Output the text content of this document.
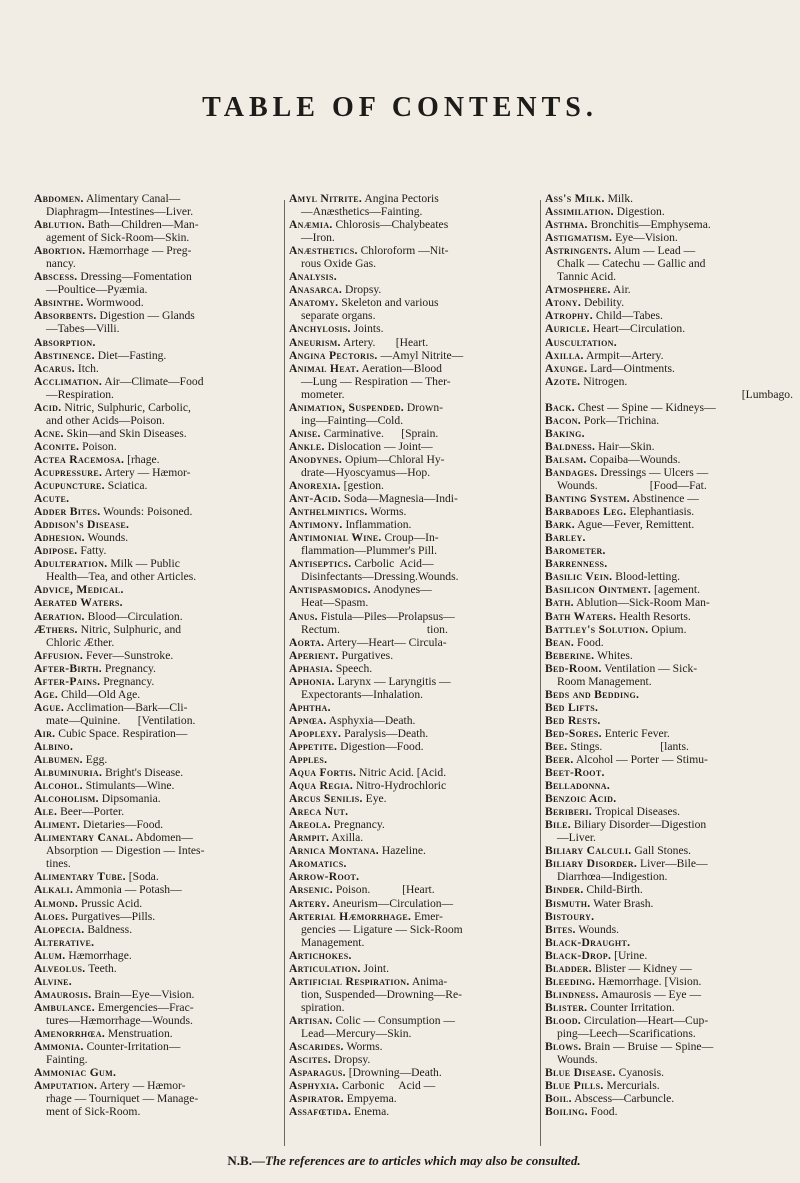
TABLE OF CONTENTS.
Abdomen. Alimentary Canal—
Diaphragm—Intestines—Liver.
Ablution. Bath—Children—Man-
agement of Sick-Room—Skin.
Abortion. Hæmorrhage — Preg-
nancy.
Abscess. Dressing—Fomentation
—Poultice—Pyæmia.
Absinthe. Wormwood.
Absorbents. Digestion — Glands
—Tabes—Villi.
Absorption.
Abstinence. Diet—Fasting.
Acarus. Itch.
Acclimation. Air—Climate—Food
—Respiration.
Acid. Nitric, Sulphuric, Carbolic,
and other Acids—Poison.
Acne. Skin—and Skin Diseases.
Aconite. Poison.
Actea Racemosa. [rhage.
Acupressure. Artery — Hæmor-
Acupuncture. Sciatica.
Acute.
Adder Bites. Wounds: Poisoned.
Addison's Disease.
Adhesion. Wounds.
Adipose. Fatty.
Adulteration. Milk — Public
Health—Tea, and other Articles.
Advice, Medical.
Aerated Waters.
Aeration. Blood—Circulation.
Æthers. Nitric, Sulphuric, and
Chloric Æther.
Affusion. Fever—Sunstroke.
After-Birth. Pregnancy.
After-Pains. Pregnancy.
Age. Child—Old Age.
Ague. Acclimation—Bark—Cli-
mate—Quinine.      [Ventilation.
Air. Cubic Space. Respiration—
Albino.
Albumen. Egg.
Albuminuria. Bright's Disease.
Alcohol. Stimulants—Wine.
Alcoholism. Dipsomania.
Ale. Beer—Porter.
Aliment. Dietaries—Food.
Alimentary Canal. Abdomen—
Absorption — Digestion — Intes-
tines.
Alimentary Tube. [Soda.
Alkali. Ammonia — Potash—
Almond. Prussic Acid.
Aloes. Purgatives—Pills.
Alopecia. Baldness.
Alterative.
Alum. Hæmorrhage.
Alveolus. Teeth.
Alvine.
Amaurosis. Brain—Eye—Vision.
Ambulance. Emergencies—Frac-
tures—Hæmorrhage—Wounds.
Amenorrhœa. Menstruation.
Ammonia. Counter-Irritation—
Fainting.
Ammoniac Gum.
Amputation. Artery — Hæmor-
rhage — Tourniquet — Manage-
ment of Sick-Room.
Amyl Nitrite. Angina Pectoris
—Anæsthetics—Fainting.
Anæmia. Chlorosis—Chalybeates
—Iron.
Anæsthetics. Chloroform —Nit-
rous Oxide Gas.
Analysis.
Anasarca. Dropsy.
Anatomy. Skeleton and various
separate organs.
Anchylosis. Joints.
Aneurism. Artery.       [Heart.
Angina Pectoris. —Amyl Nitrite—
Animal Heat. Aeration—Blood
—Lung — Respiration — Ther-
mometer.
Animation, Suspended. Drown-
ing—Fainting—Cold.
Anise. Carminative.      [Sprain.
Ankle. Dislocation — Joint—
Anodynes. Opium—Chloral Hy-
drate—Hyoscyamus—Hop.
Anorexia. [gestion.
Ant-Acid. Soda—Magnesia—Indi-
Anthelmintics. Worms.
Antimony. Inflammation.
Antimonial Wine. Croup—In-
flammation—Plummer's Pill.
Antiseptics. Carbolic  Acid—
Disinfectants—Dressing.Wounds.
Antispasmodics. Anodynes—
Heat—Spasm.
Anus. Fistula—Piles—Prolapsus—
Rectum.                              tion.
Aorta. Artery—Heart— Circula-
Aperient. Purgatives.
Aphasia. Speech.
Aphonia. Larynx — Laryngitis —
Expectorants—Inhalation.
Aphtha.
Apnœa. Asphyxia—Death.
Apoplexy. Paralysis—Death.
Appetite. Digestion—Food.
Apples.
Aqua Fortis. Nitric Acid. [Acid.
Aqua Regia. Nitro-Hydrochloric
Arcus Senilis. Eye.
Areca Nut.
Areola. Pregnancy.
Armpit. Axilla.
Arnica Montana. Hazeline.
Aromatics.
Arrow-Root.
Arsenic. Poison.           [Heart.
Artery. Aneurism—Circulation—
Arterial Hæmorrhage. Emer-
gencies — Ligature — Sick-Room
Management.
Artichokes.
Articulation. Joint.
Artificial Respiration. Anima-
tion, Suspended—Drowning—Re-
spiration.
Artisan. Colic — Consumption —
Lead—Mercury—Skin.
Ascarides. Worms.
Ascites. Dropsy.
Asparagus. [Drowning—Death.
Asphyxia. Carbonic     Acid —
Aspirator. Empyema.
Assafœtida. Enema.
Ass's Milk. Milk.
Assimilation. Digestion.
Asthma. Bronchitis—Emphysema.
Astigmatism. Eye—Vision.
Astringents. Alum — Lead —
Chalk — Catechu — Gallic and
Tannic Acid.
Atmosphere. Air.
Atony. Debility.
Atrophy. Child—Tabes.
Auricle. Heart—Circulation.
Auscultation.
Axilla. Armpit—Artery.
Axunge. Lard—Ointments.
Azote. Nitrogen.
[Lumbago.
Back. Chest — Spine — Kidneys—
Bacon. Pork—Trichina.
Baking.
Baldness. Hair—Skin.
Balsam. Copaiba—Wounds.
Bandages. Dressings — Ulcers —
Wounds.                  [Food—Fat.
Banting System. Abstinence —
Barbadoes Leg. Elephantiasis.
Bark. Ague—Fever, Remittent.
Barley.
Barometer.
Barrenness.
Basilic Vein. Blood-letting.
Basilicon Ointment. [agement.
Bath. Ablution—Sick-Room Man-
Bath Waters. Health Resorts.
Battley's Solution. Opium.
Bean. Food.
Beberine. Whites.
Bed-Room. Ventilation — Sick-
Room Management.
Beds and Bedding.
Bed Lifts.
Bed Rests.
Bed-Sores. Enteric Fever.
Bee. Stings.                    [lants.
Beer. Alcohol — Porter — Stimu-
Beet-Root.
Belladonna.
Benzoic Acid.
Beriberi. Tropical Diseases.
Bile. Biliary Disorder—Digestion
—Liver.
Biliary Calculi. Gall Stones.
Biliary Disorder. Liver—Bile—
Diarrhœa—Indigestion.
Binder. Child-Birth.
Bismuth. Water Brash.
Bistoury.
Bites. Wounds.
Black-Draught.
Black-Drop. [Urine.
Bladder. Blister — Kidney —
Bleeding. Hæmorrhage. [Vision.
Blindness. Amaurosis — Eye —
Blister. Counter Irritation.
Blood. Circulation—Heart—Cup-
ping—Leech—Scarifications.
Blows. Brain — Bruise — Spine—
Wounds.
Blue Disease. Cyanosis.
Blue Pills. Mercurials.
Boil. Abscess—Carbuncle.
Boiling. Food.
N.B.—The references are to articles which may also be consulted.
